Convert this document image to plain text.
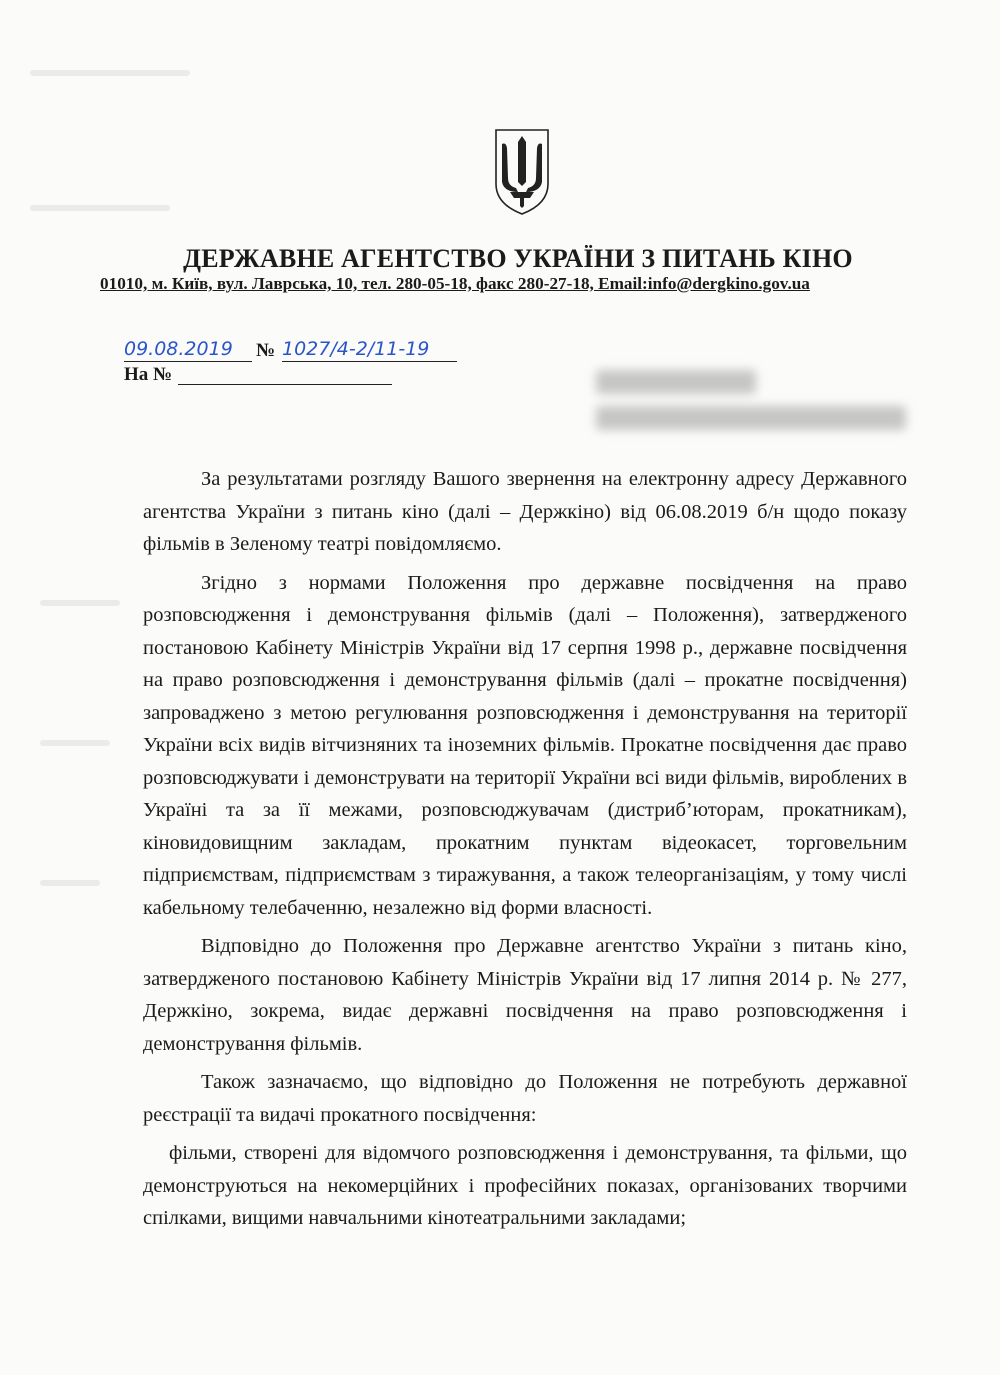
ДЕРЖАВНЕ АГЕНТСТВО УКРАЇНИ З ПИТАНЬ КІНО
01010, м. Київ, вул. Лаврська, 10, тел. 280-05-18, факс 280-27-18, Email:info@dergkino.gov.ua
09.08.2019	№ 1027/4-2/11-19
На №

За результатами розгляду Вашого звернення на електронну адресу Державного агентства України з питань кіно (далі – Держкіно) від 06.08.2019 б/н щодо показу фільмів в Зеленому театрі повідомляємо.

Згідно з нормами Положення про державне посвідчення на право розповсюдження і демонстрування фільмів (далі – Положення), затвердженого постановою Кабінету Міністрів України від 17 серпня 1998 р., державне посвідчення на право розповсюдження і демонстрування фільмів (далі – прокатне посвідчення) запроваджено з метою регулювання розповсюдження і демонстрування на території України всіх видів вітчизняних та іноземних фільмів. Прокатне посвідчення дає право розповсюджувати і демонструвати на території України всі види фільмів, вироблених в Україні та за її межами, розповсюджувачам (дистриб’юторам, прокатникам), кіновидовищним закладам, прокатним пунктам відеокасет, торговельним підприємствам, підприємствам з тиражування, а також телеорганізаціям, у тому числі кабельному телебаченню, незалежно від форми власності.

Відповідно до Положення про Державне агентство України з питань кіно, затвердженого постановою Кабінету Міністрів України від 17 липня 2014 р. № 277, Держкіно, зокрема, видає державні посвідчення на право розповсюдження і демонстрування фільмів.

Також зазначаємо, що відповідно до Положення не потребують державної реєстрації та видачі прокатного посвідчення:

фільми, створені для відомчого розповсюдження і демонстрування, та фільми, що демонструються на некомерційних і професійних показах, організованих творчими спілками, вищими навчальними кінотеатральними закладами;
